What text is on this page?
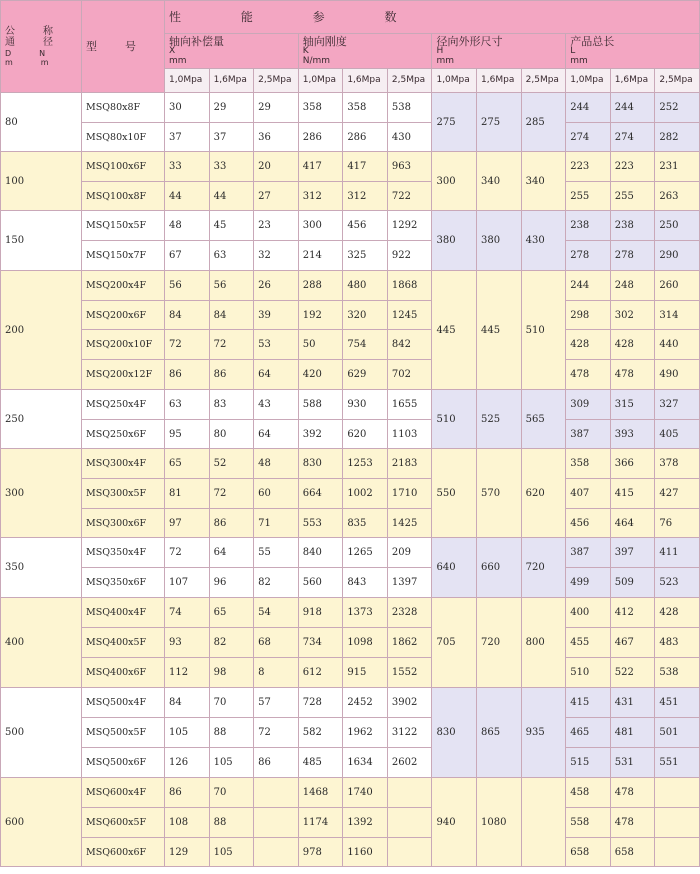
公称
通径

DN
mm	型号	性 能 参 数											
		轴向补偿量
X
mm			轴向刚度
K
N/mm			径向外形尺寸
H
mm			产品总长
L
mm		

		1,0Mpa	1,6Mpa	2,5Mpa	1,0Mpa	1,6Mpa	2,5Mpa	1,0Mpa	1,6Mpa	2,5Mpa	1,0Mpa	1,6Mpa	2,5Mpa
80	MSQ80x8F	30	29	29	358	358	538	275	275	285	244	244	252
	MSQ80x10F	37	37	36	286	286	430				274	274	282
100	MSQ100x6F	33	33	20	417	417	963	300	340	340	223	223	231
	MSQ100x8F	44	44	27	312	312	722				255	255	263
150	MSQ150x5F	48	45	23	300	456	1292	380	380	430	238	238	250
	MSQ150x7F	67	63	32	214	325	922				278	278	290
200	MSQ200x4F	56	56	26	288	480	1868	445	445	510	244	248	260
	MSQ200x6F	84	84	39	192	320	1245				298	302	314
	MSQ200x10F	72	72	53	50	754	842				428	428	440
	MSQ200x12F	86	86	64	420	629	702				478	478	490
250	MSQ250x4F	63	83	43	588	930	1655	510	525	565	309	315	327
	MSQ250x6F	95	80	64	392	620	1103				387	393	405
300	MSQ300x4F	65	52	48	830	1253	2183	550	570	620	358	366	378
	MSQ300x5F	81	72	60	664	1002	1710				407	415	427
	MSQ300x6F	97	86	71	553	835	1425				456	464	76
350	MSQ350x4F	72	64	55	840	1265	209	640	660	720	387	397	411
	MSQ350x6F	107	96	82	560	843	1397				499	509	523
400	MSQ400x4F	74	65	54	918	1373	2328	705	720	800	400	412	428
	MSQ400x5F	93	82	68	734	1098	1862				455	467	483
	MSQ400x6F	112	98	8	612	915	1552				510	522	538
500	MSQ500x4F	84	70	57	728	2452	3902	830	865	935	415	431	451
	MSQ500x5F	105	88	72	582	1962	3122				465	481	501
	MSQ500x6F	126	105	86	485	1634	2602				515	531	551
600	MSQ600x4F	86	70		1468	1740		940	1080		458	478	
	MSQ600x5F	108	88		1174	1392					558	478	
	MSQ600x6F	129	105		978	1160					658	658	
